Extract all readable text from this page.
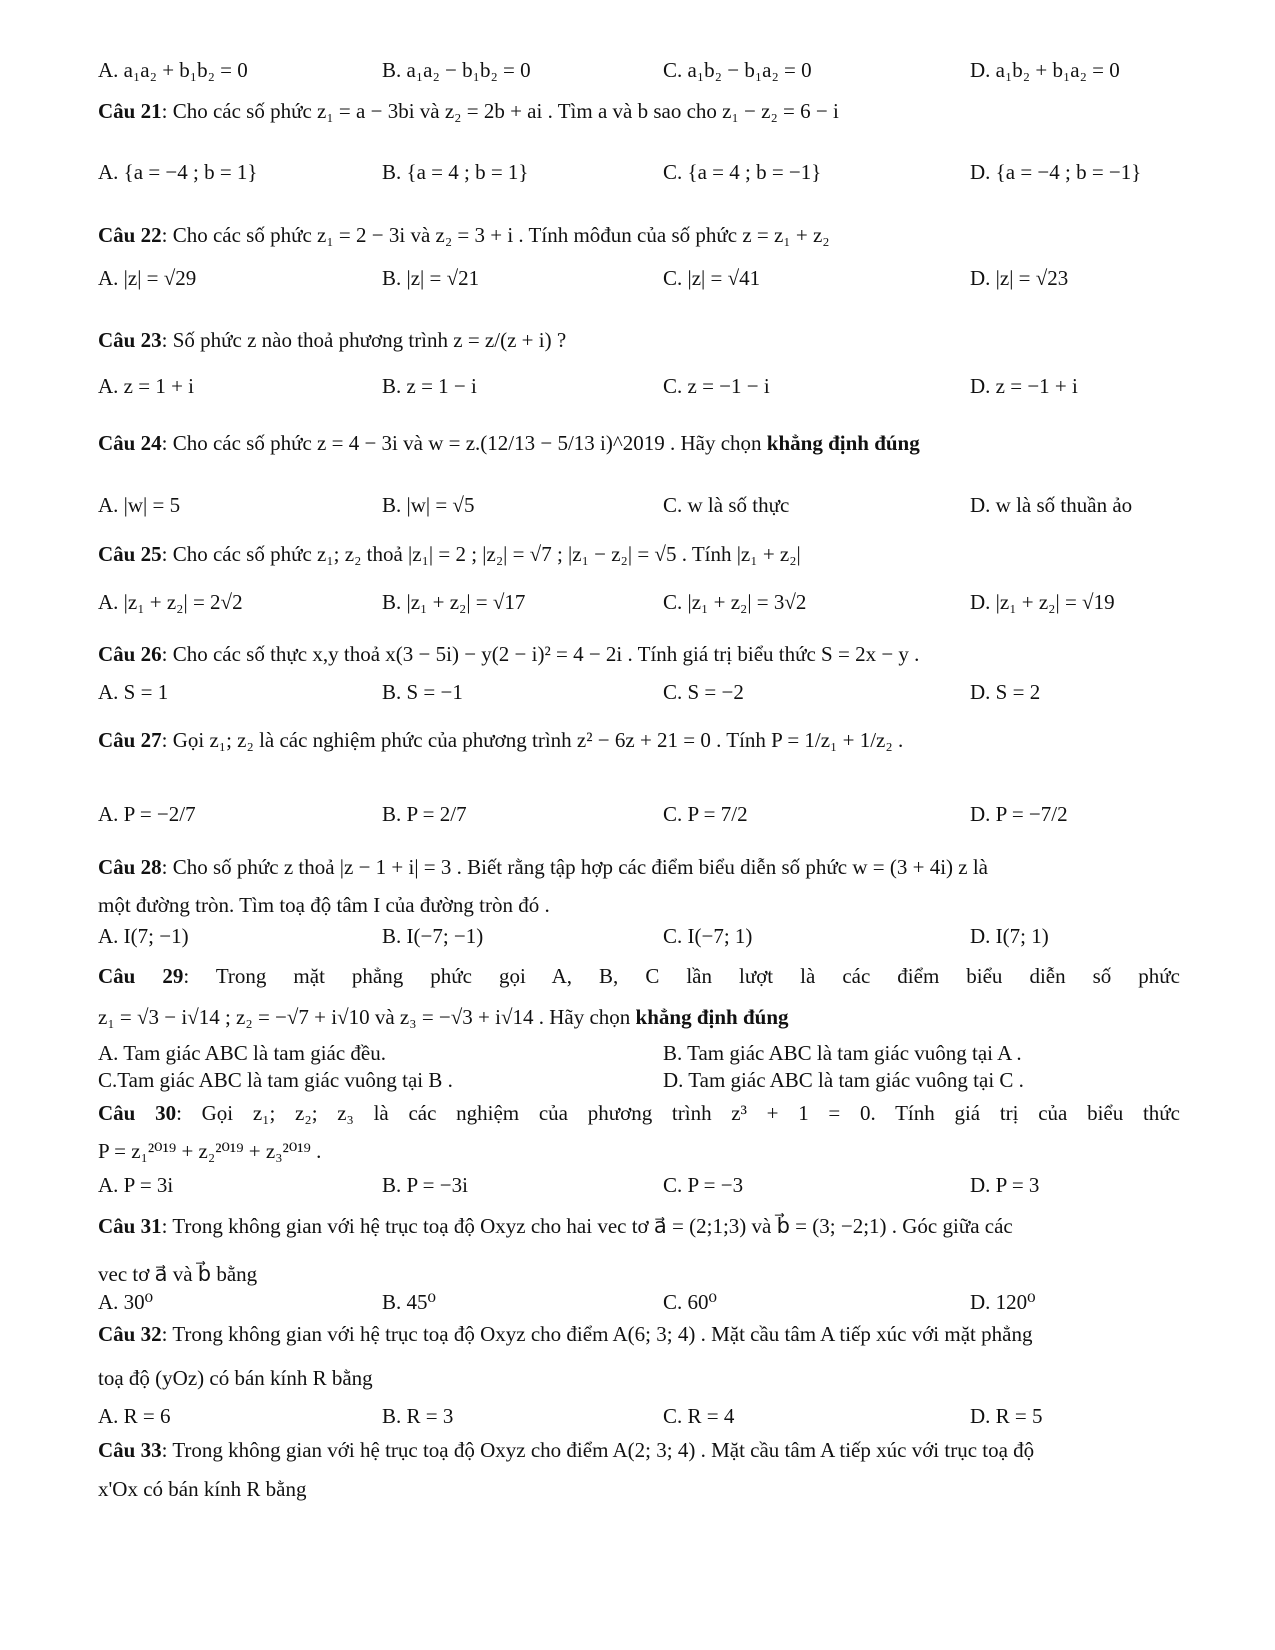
A. a₁a₂ + b₁b₂ = 0	B. a₁a₂ − b₁b₂ = 0	C. a₁b₂ − b₁a₂ = 0	D. a₁b₂ + b₁a₂ = 0
Câu 21: Cho các số phức z₁ = a − 3bi và z₂ = 2b + ai . Tìm a và b sao cho z₁ − z₂ = 6 − i
A. {a = −4 ; b = 1}	B. {a = 4 ; b = 1}	C. {a = 4 ; b = −1}	D. {a = −4 ; b = −1}
Câu 22: Cho các số phức z₁ = 2 − 3i và z₂ = 3 + i . Tính môđun của số phức z = z₁ + z₂
A. |z| = √29	B. |z| = √21	C. |z| = √41	D. |z| = √23
Câu 23: Số phức z nào thoả phương trình z = z/(z + i) ?
A. z = 1 + i	B. z = 1 − i	C. z = −1 − i	D. z = −1 + i
Câu 24: Cho các số phức z = 4 − 3i và w = z.(12/13 − 5/13 i)^2019 . Hãy chọn khẳng định đúng
A. |w| = 5	B. |w| = √5	C. w là số thực	D. w là số thuần ảo
Câu 25: Cho các số phức z₁; z₂ thoả |z₁| = 2 ; |z₂| = √7 ; |z₁ − z₂| = √5 . Tính |z₁ + z₂|
A. |z₁ + z₂| = 2√2	B. |z₁ + z₂| = √17	C. |z₁ + z₂| = 3√2	D. |z₁ + z₂| = √19
Câu 26: Cho các số thực x,y thoả x(3 − 5i) − y(2 − i)² = 4 − 2i . Tính giá trị biểu thức S = 2x − y .
A. S = 1	B. S = −1	C. S = −2	D. S = 2
Câu 27: Gọi z₁; z₂ là các nghiệm phức của phương trình z² − 6z + 21 = 0 . Tính P = 1/z₁ + 1/z₂ .
A. P = −2/7	B. P = 2/7	C. P = 7/2	D. P = −7/2
Câu 28: Cho số phức z thoả |z − 1 + i| = 3 . Biết rằng tập hợp các điểm biểu diễn số phức w = (3 + 4i) z là
một đường tròn. Tìm toạ độ tâm I của đường tròn đó .
A. I(7; −1)	B. I(−7; −1)	C. I(−7; 1)	D. I(7; 1)
Câu 29: Trong mặt phẳng phức gọi A, B, C lần lượt là các điểm biểu diễn số phức
z₁ = √3 − i√14 ; z₂ = −√7 + i√10 và z₃ = −√3 + i√14 . Hãy chọn khẳng định đúng
A. Tam giác ABC là tam giác đều.	B. Tam giác ABC là tam giác vuông tại A .
C.Tam giác ABC là tam giác vuông tại B .	D. Tam giác ABC là tam giác vuông tại C .
Câu 30: Gọi z₁; z₂; z₃ là các nghiệm của phương trình z³ + 1 = 0. Tính giá trị của biểu thức
P = z₁²⁰¹⁹ + z₂²⁰¹⁹ + z₃²⁰¹⁹ .
A. P = 3i	B. P = −3i	C. P = −3	D. P = 3
Câu 31: Trong không gian với hệ trục toạ độ Oxyz cho hai vec tơ a⃗ = (2;1;3) và b⃗ = (3; −2;1) . Góc giữa các
vec tơ a⃗ và b⃗ bằng
A. 30⁰	B. 45⁰	C. 60⁰	D. 120⁰
Câu 32: Trong không gian với hệ trục toạ độ Oxyz cho điểm A(6; 3; 4) . Mặt cầu tâm A tiếp xúc với mặt phẳng
toạ độ (yOz) có bán kính R bằng
A. R = 6	B. R = 3	C. R = 4	D. R = 5
Câu 33: Trong không gian với hệ trục toạ độ Oxyz cho điểm A(2; 3; 4) . Mặt cầu tâm A tiếp xúc với trục toạ độ
x'Ox có bán kính R bằng
